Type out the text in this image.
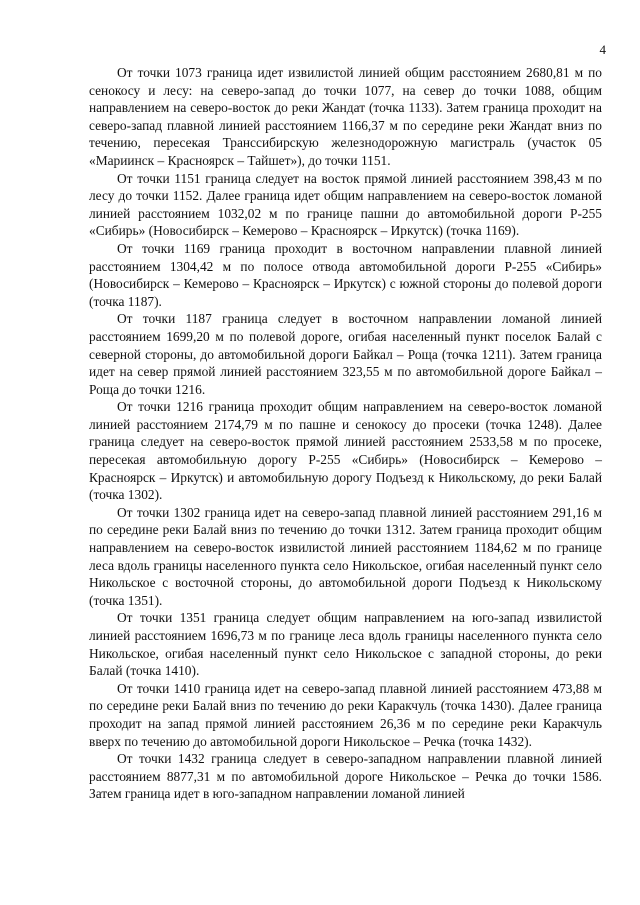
4

От точки 1073 граница идет извилистой линией общим расстоянием 2680,81 м по сенокосу и лесу: на северо-запад до точки 1077, на север до точки 1088, общим направлением на северо-восток до реки Жандат (точка 1133). Затем граница проходит на северо-запад плавной линией расстоянием 1166,37 м по середине реки Жандат вниз по течению, пересекая Транссибирскую железнодорожную магистраль (участок 05 «Мариинск – Красноярск – Тайшет»), до точки 1151.

От точки 1151 граница следует на восток прямой линией расстоянием 398,43 м по лесу до точки 1152. Далее граница идет общим направлением на северо-восток ломаной линией расстоянием 1032,02 м по границе пашни до автомобильной дороги Р-255 «Сибирь» (Новосибирск – Кемерово – Красноярск – Иркутск) (точка 1169).

От точки 1169 граница проходит в восточном направлении плавной линией расстоянием 1304,42 м по полосе отвода автомобильной дороги Р-255 «Сибирь» (Новосибирск – Кемерово – Красноярск – Иркутск) с южной стороны до полевой дороги (точка 1187).

От точки 1187 граница следует в восточном направлении ломаной линией расстоянием 1699,20 м по полевой дороге, огибая населенный пункт поселок Балай с северной стороны, до автомобильной дороги Байкал – Роща (точка 1211). Затем граница идет на север прямой линией расстоянием 323,55 м по автомобильной дороге Байкал – Роща до точки 1216.

От точки 1216 граница проходит общим направлением на северо-восток ломаной линией расстоянием 2174,79 м по пашне и сенокосу до просеки (точка 1248). Далее граница следует на северо-восток прямой линией расстоянием 2533,58 м по просеке, пересекая автомобильную дорогу Р-255 «Сибирь» (Новосибирск – Кемерово – Красноярск – Иркутск) и автомобильную дорогу Подъезд к Никольскому, до реки Балай (точка 1302).

От точки 1302 граница идет на северо-запад плавной линией расстоянием 291,16 м по середине реки Балай вниз по течению до точки 1312. Затем граница проходит общим направлением на северо-восток извилистой линией расстоянием 1184,62 м по границе леса вдоль границы населенного пункта село Никольское, огибая населенный пункт село Никольское с восточной стороны, до автомобильной дороги Подъезд к Никольскому (точка 1351).

От точки 1351 граница следует общим направлением на юго-запад извилистой линией расстоянием 1696,73 м по границе леса вдоль границы населенного пункта село Никольское, огибая населенный пункт село Никольское с западной стороны, до реки Балай (точка 1410).

От точки 1410 граница идет на северо-запад плавной линией расстоянием 473,88 м по середине реки Балай вниз по течению до реки Каракчуль (точка 1430). Далее граница проходит на запад прямой линией расстоянием 26,36 м по середине реки Каракчуль вверх по течению до автомобильной дороги Никольское – Речка (точка 1432).

От точки 1432 граница следует в северо-западном направлении плавной линией расстоянием 8877,31 м по автомобильной дороге Никольское – Речка до точки 1586. Затем граница идет в юго-западном направлении ломаной линией
